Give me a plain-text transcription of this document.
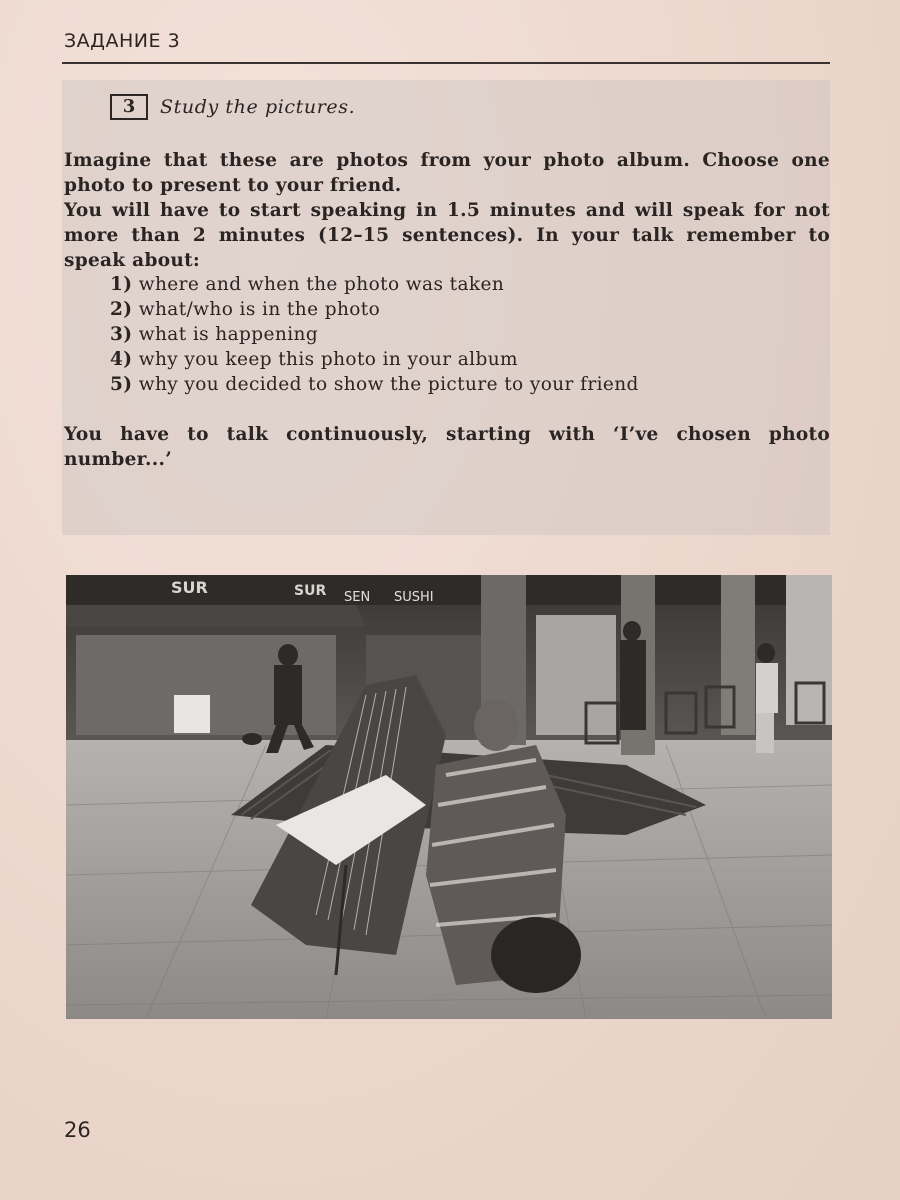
ЗАДАНИЕ 3
3	Study the pictures.
Imagine that these are photos from your photo album. Choose one photo to present to your friend.
You will have to start speaking in 1.5 minutes and will speak for not more than 2 minutes (12–15 sentences). In your talk remember to speak about:
1) where and when the photo was taken
2) what/who is in the photo
3) what is happening
4) why you keep this photo in your album
5) why you decided to show the picture to your friend
You have to talk continuously, starting with ‘I’ve chosen photo number...’
SUR	SUR SEN SUSHI
26
